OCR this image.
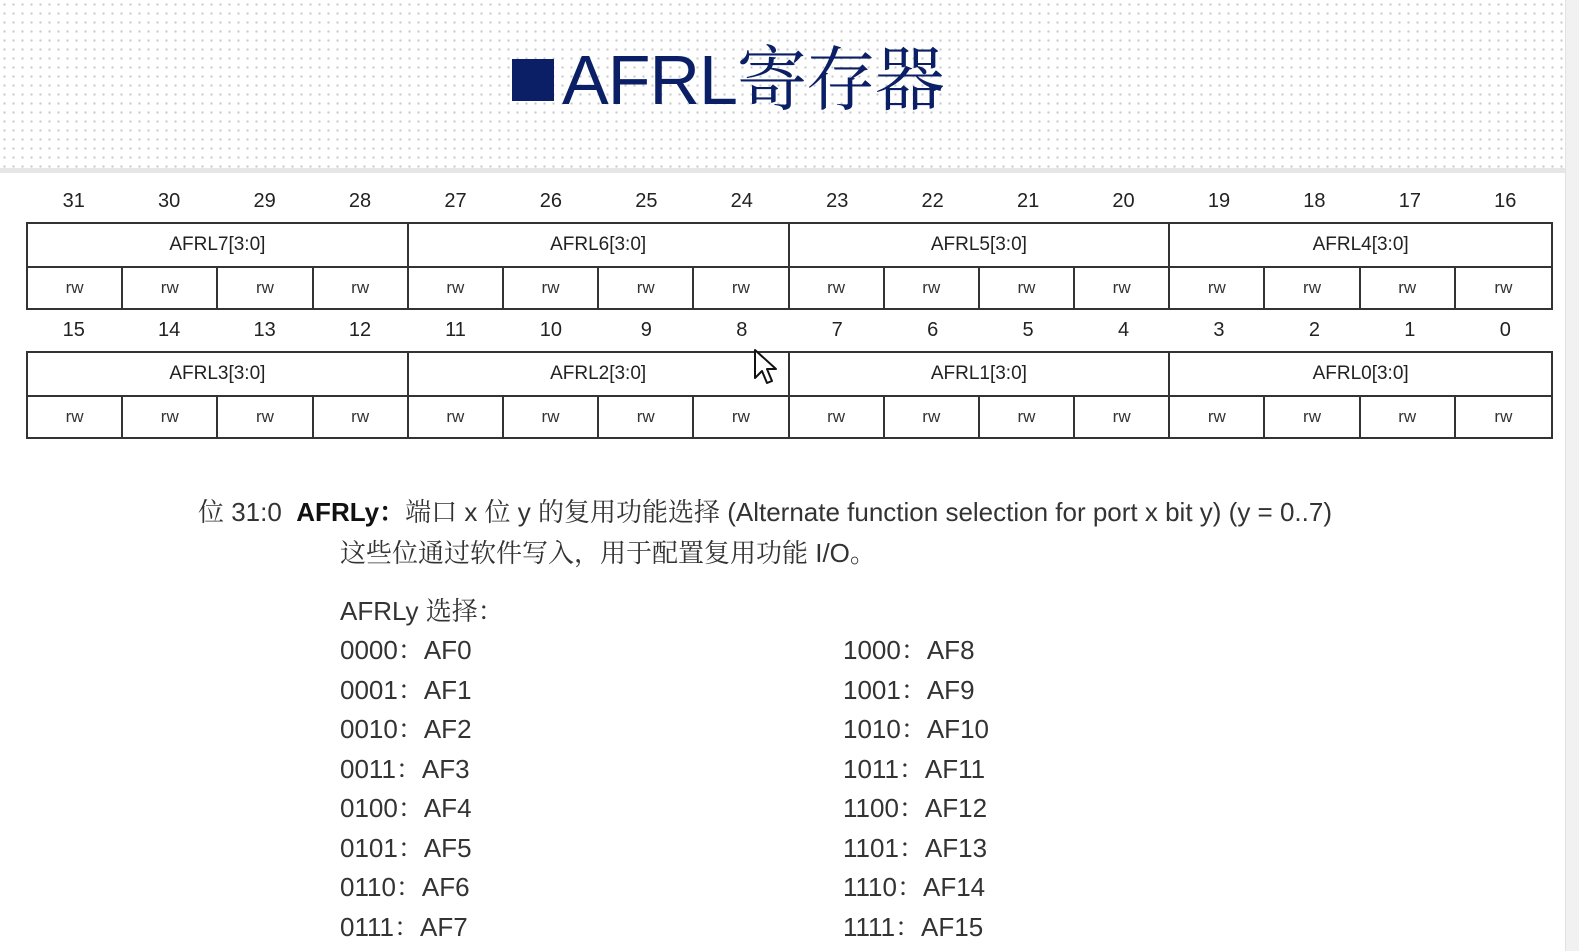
AFRL寄存器
31	30	29	28	27	26	25	24	23	22	21	20	19	18	17	16
AFRL7[3:0]	AFRL6[3:0]	AFRL5[3:0]	AFRL4[3:0]
rw	rw	rw	rw	rw	rw	rw	rw	rw	rw	rw	rw	rw	rw	rw	rw
15	14	13	12	11	10	9	8	7	6	5	4	3	2	1	0
AFRL3[3:0]	AFRL2[3:0]	AFRL1[3:0]	AFRL0[3:0]
rw	rw	rw	rw	rw	rw	rw	rw	rw	rw	rw	rw	rw	rw	rw	rw
位 31:0 AFRLy：端口 x 位 y 的复用功能选择 (Alternate function selection for port x bit y) (y = 0..7)
这些位通过软件写入，用于配置复用功能 I/O。
AFRLy 选择：
0000：AF0
0001：AF1
0010：AF2
0011：AF3
0100：AF4
0101：AF5
0110：AF6
0111：AF7
1000：AF8
1001：AF9
1010：AF10
1011：AF11
1100：AF12
1101：AF13
1110：AF14
1111：AF15
